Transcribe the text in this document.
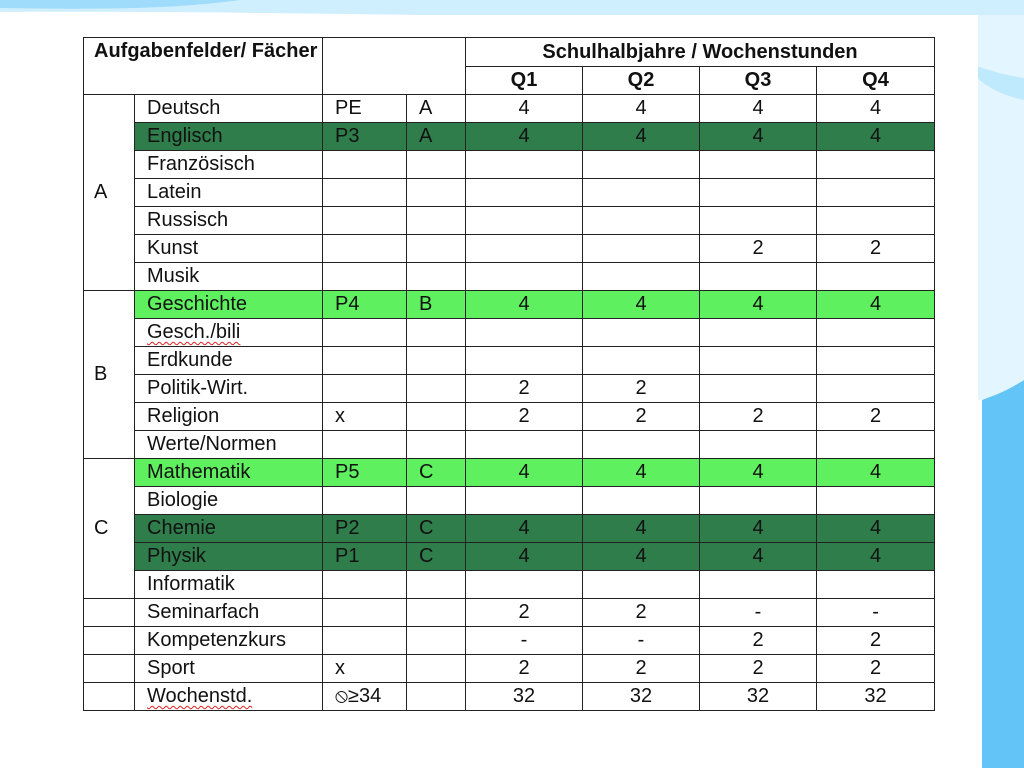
Aufgabenfelder/ Fächer				Schulhalbjahre / Wochenstunden			
				Q1	Q2	Q3	Q4
A	Deutsch	PE	A	4	4	4	4
	Englisch	P3	A	4	4	4	4
	Französisch						
	Latein						
	Russisch						
	Kunst					2	2
	Musik						
B	Geschichte	P4	B	4	4	4	4
	Gesch./bili						
	Erdkunde						
	Politik-Wirt.			2	2		
	Religion	x		2	2	2	2
	Werte/Normen						
C	Mathematik	P5	C	4	4	4	4
	Biologie						
	Chemie	P2	C	4	4	4	4
	Physik	P1	C	4	4	4	4
	Informatik						
	Seminarfach			2	2	-	-
	Kompetenzkurs			-	-	2	2
	Sport	x		2	2	2	2
	Wochenstd.	⦸≥34		32	32	32	32
